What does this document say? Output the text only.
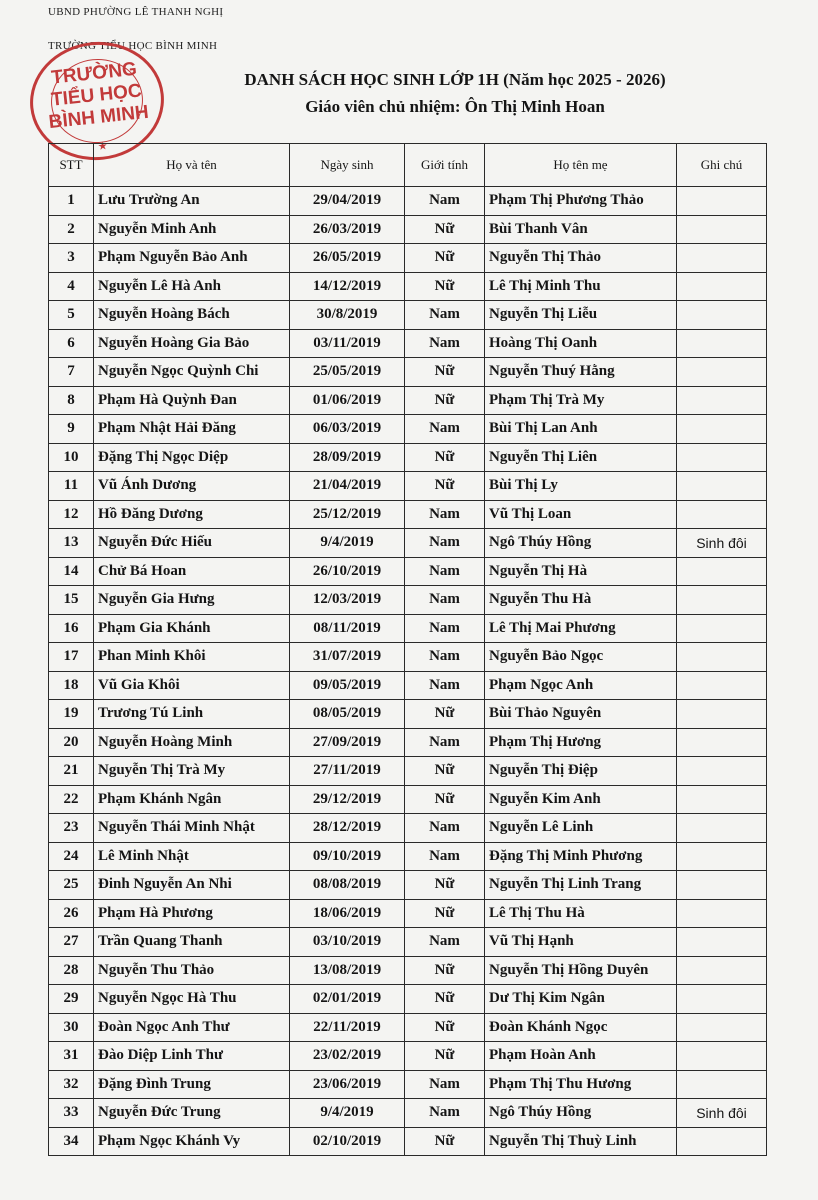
UBND PHƯỜNG LÊ THANH NGHỊ
TRƯỜNG TIỂU HỌC BÌNH MINH
TRƯỜNG
TIỂU HỌC
BÌNH MINH
★
DANH SÁCH HỌC SINH LỚP 1H (Năm học 2025 - 2026)
Giáo viên chủ nhiệm: Ôn Thị Minh Hoan
STT	Họ và tên	Ngày sinh	Giới tính	Họ tên mẹ	Ghi chú
1	Lưu Trường An	29/04/2019	Nam	Phạm Thị Phương Thảo	
2	Nguyễn Minh Anh	26/03/2019	Nữ	Bùi Thanh Vân	
3	Phạm Nguyễn Bảo Anh	26/05/2019	Nữ	Nguyễn Thị Thảo	
4	Nguyễn Lê Hà Anh	14/12/2019	Nữ	Lê Thị Minh Thu	
5	Nguyễn Hoàng Bách	30/8/2019	Nam	Nguyễn Thị Liễu	
6	Nguyễn Hoàng Gia Bảo	03/11/2019	Nam	Hoàng Thị Oanh	
7	Nguyễn Ngọc Quỳnh Chi	25/05/2019	Nữ	Nguyễn Thuý Hằng	
8	Phạm Hà Quỳnh Đan	01/06/2019	Nữ	Phạm Thị Trà My	
9	Phạm Nhật Hải Đăng	06/03/2019	Nam	Bùi Thị Lan Anh	
10	Đặng Thị Ngọc Diệp	28/09/2019	Nữ	Nguyễn Thị Liên	
11	Vũ Ánh Dương	21/04/2019	Nữ	Bùi Thị Ly	
12	Hồ Đăng Dương	25/12/2019	Nam	Vũ Thị Loan	
13	Nguyễn Đức Hiếu	9/4/2019	Nam	Ngô Thúy Hồng	Sinh đôi
14	Chử Bá Hoan	26/10/2019	Nam	Nguyễn Thị Hà	
15	Nguyễn Gia Hưng	12/03/2019	Nam	Nguyễn Thu Hà	
16	Phạm Gia Khánh	08/11/2019	Nam	Lê Thị Mai Phương	
17	Phan Minh Khôi	31/07/2019	Nam	Nguyễn Bảo Ngọc	
18	Vũ Gia Khôi	09/05/2019	Nam	Phạm Ngọc Anh	
19	Trương Tú Linh	08/05/2019	Nữ	Bùi Thảo Nguyên	
20	Nguyễn Hoàng Minh	27/09/2019	Nam	Phạm Thị Hương	
21	Nguyễn Thị Trà My	27/11/2019	Nữ	Nguyễn Thị Điệp	
22	Phạm Khánh Ngân	29/12/2019	Nữ	Nguyễn Kim Anh	
23	Nguyễn Thái Minh Nhật	28/12/2019	Nam	Nguyễn Lê Linh	
24	Lê Minh Nhật	09/10/2019	Nam	Đặng Thị Minh Phương	
25	Đinh Nguyễn An Nhi	08/08/2019	Nữ	Nguyễn Thị Linh Trang	
26	Phạm Hà Phương	18/06/2019	Nữ	Lê Thị Thu Hà	
27	Trần Quang Thanh	03/10/2019	Nam	Vũ Thị Hạnh	
28	Nguyễn Thu Thảo	13/08/2019	Nữ	Nguyễn Thị Hồng Duyên	
29	Nguyễn Ngọc Hà Thu	02/01/2019	Nữ	Dư Thị Kim Ngân	
30	Đoàn Ngọc Anh Thư	22/11/2019	Nữ	Đoàn Khánh Ngọc	
31	Đào Diệp Linh Thư	23/02/2019	Nữ	Phạm Hoàn Anh	
32	Đặng Đình Trung	23/06/2019	Nam	Phạm Thị Thu Hương	
33	Nguyễn Đức Trung	9/4/2019	Nam	Ngô Thúy Hồng	Sinh đôi
34	Phạm Ngọc Khánh Vy	02/10/2019	Nữ	Nguyễn Thị Thuỳ Linh	
